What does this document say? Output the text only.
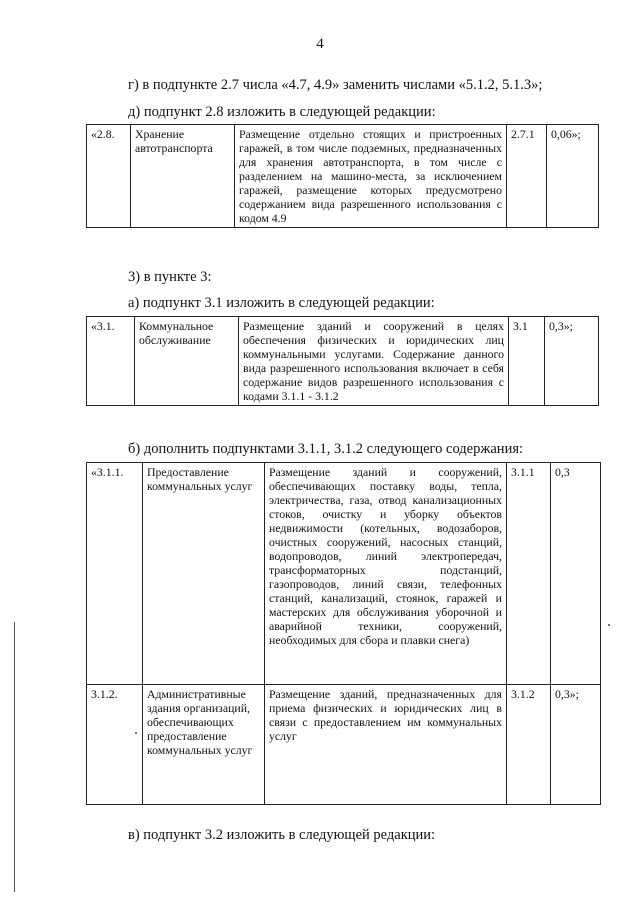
4
г) в подпункте 2.7 числа «4.7, 4.9» заменить числами «5.1.2, 5.1.3»;
д) подпункт 2.8 изложить в следующей редакции:
«2.8.	Хранение автотранспорта	Размещение отдельно стоящих и пристроенных гаражей, в том числе подземных, предназначенных для хранения автотранспорта, в том числе с разделением на машино-места, за исключением гаражей, размещение которых предусмотрено содержанием вида разрешенного использования с кодом 4.9	2.7.1	0,06»;
3) в пункте 3:
а) подпункт 3.1 изложить в следующей редакции:
«3.1.	Коммунальное обслуживание	Размещение зданий и сооружений в целях обеспечения физических и юридических лиц коммунальными услугами. Содержание данного вида разрешенного использования включает в себя содержание видов разрешенного использования с кодами 3.1.1 - 3.1.2	3.1	0,3»;
б) дополнить подпунктами 3.1.1, 3.1.2 следующего содержания:
«3.1.1.	Предоставление коммунальных услуг	Размещение зданий и сооружений, обеспечивающих поставку воды, тепла, электричества, газа, отвод канализационных стоков, очистку и уборку объектов недвижимости (котельных, водозаборов, очистных сооружений, насосных станций, водопроводов, линий электропередач, трансформаторных подстанций, газопроводов, линий связи, телефонных станций, канализаций, стоянок, гаражей и мастерских для обслуживания уборочной и аварийной техники, сооружений, необходимых для сбора и плавки снега)	3.1.1	0,3
3.1.2.	Административные здания организаций, обеспечивающих предоставление коммунальных услуг	Размещение зданий, предназначенных для приема физических и юридических лиц в связи с предоставлением им коммунальных услуг	3.1.2	0,3»;
в) подпункт 3.2 изложить в следующей редакции:
